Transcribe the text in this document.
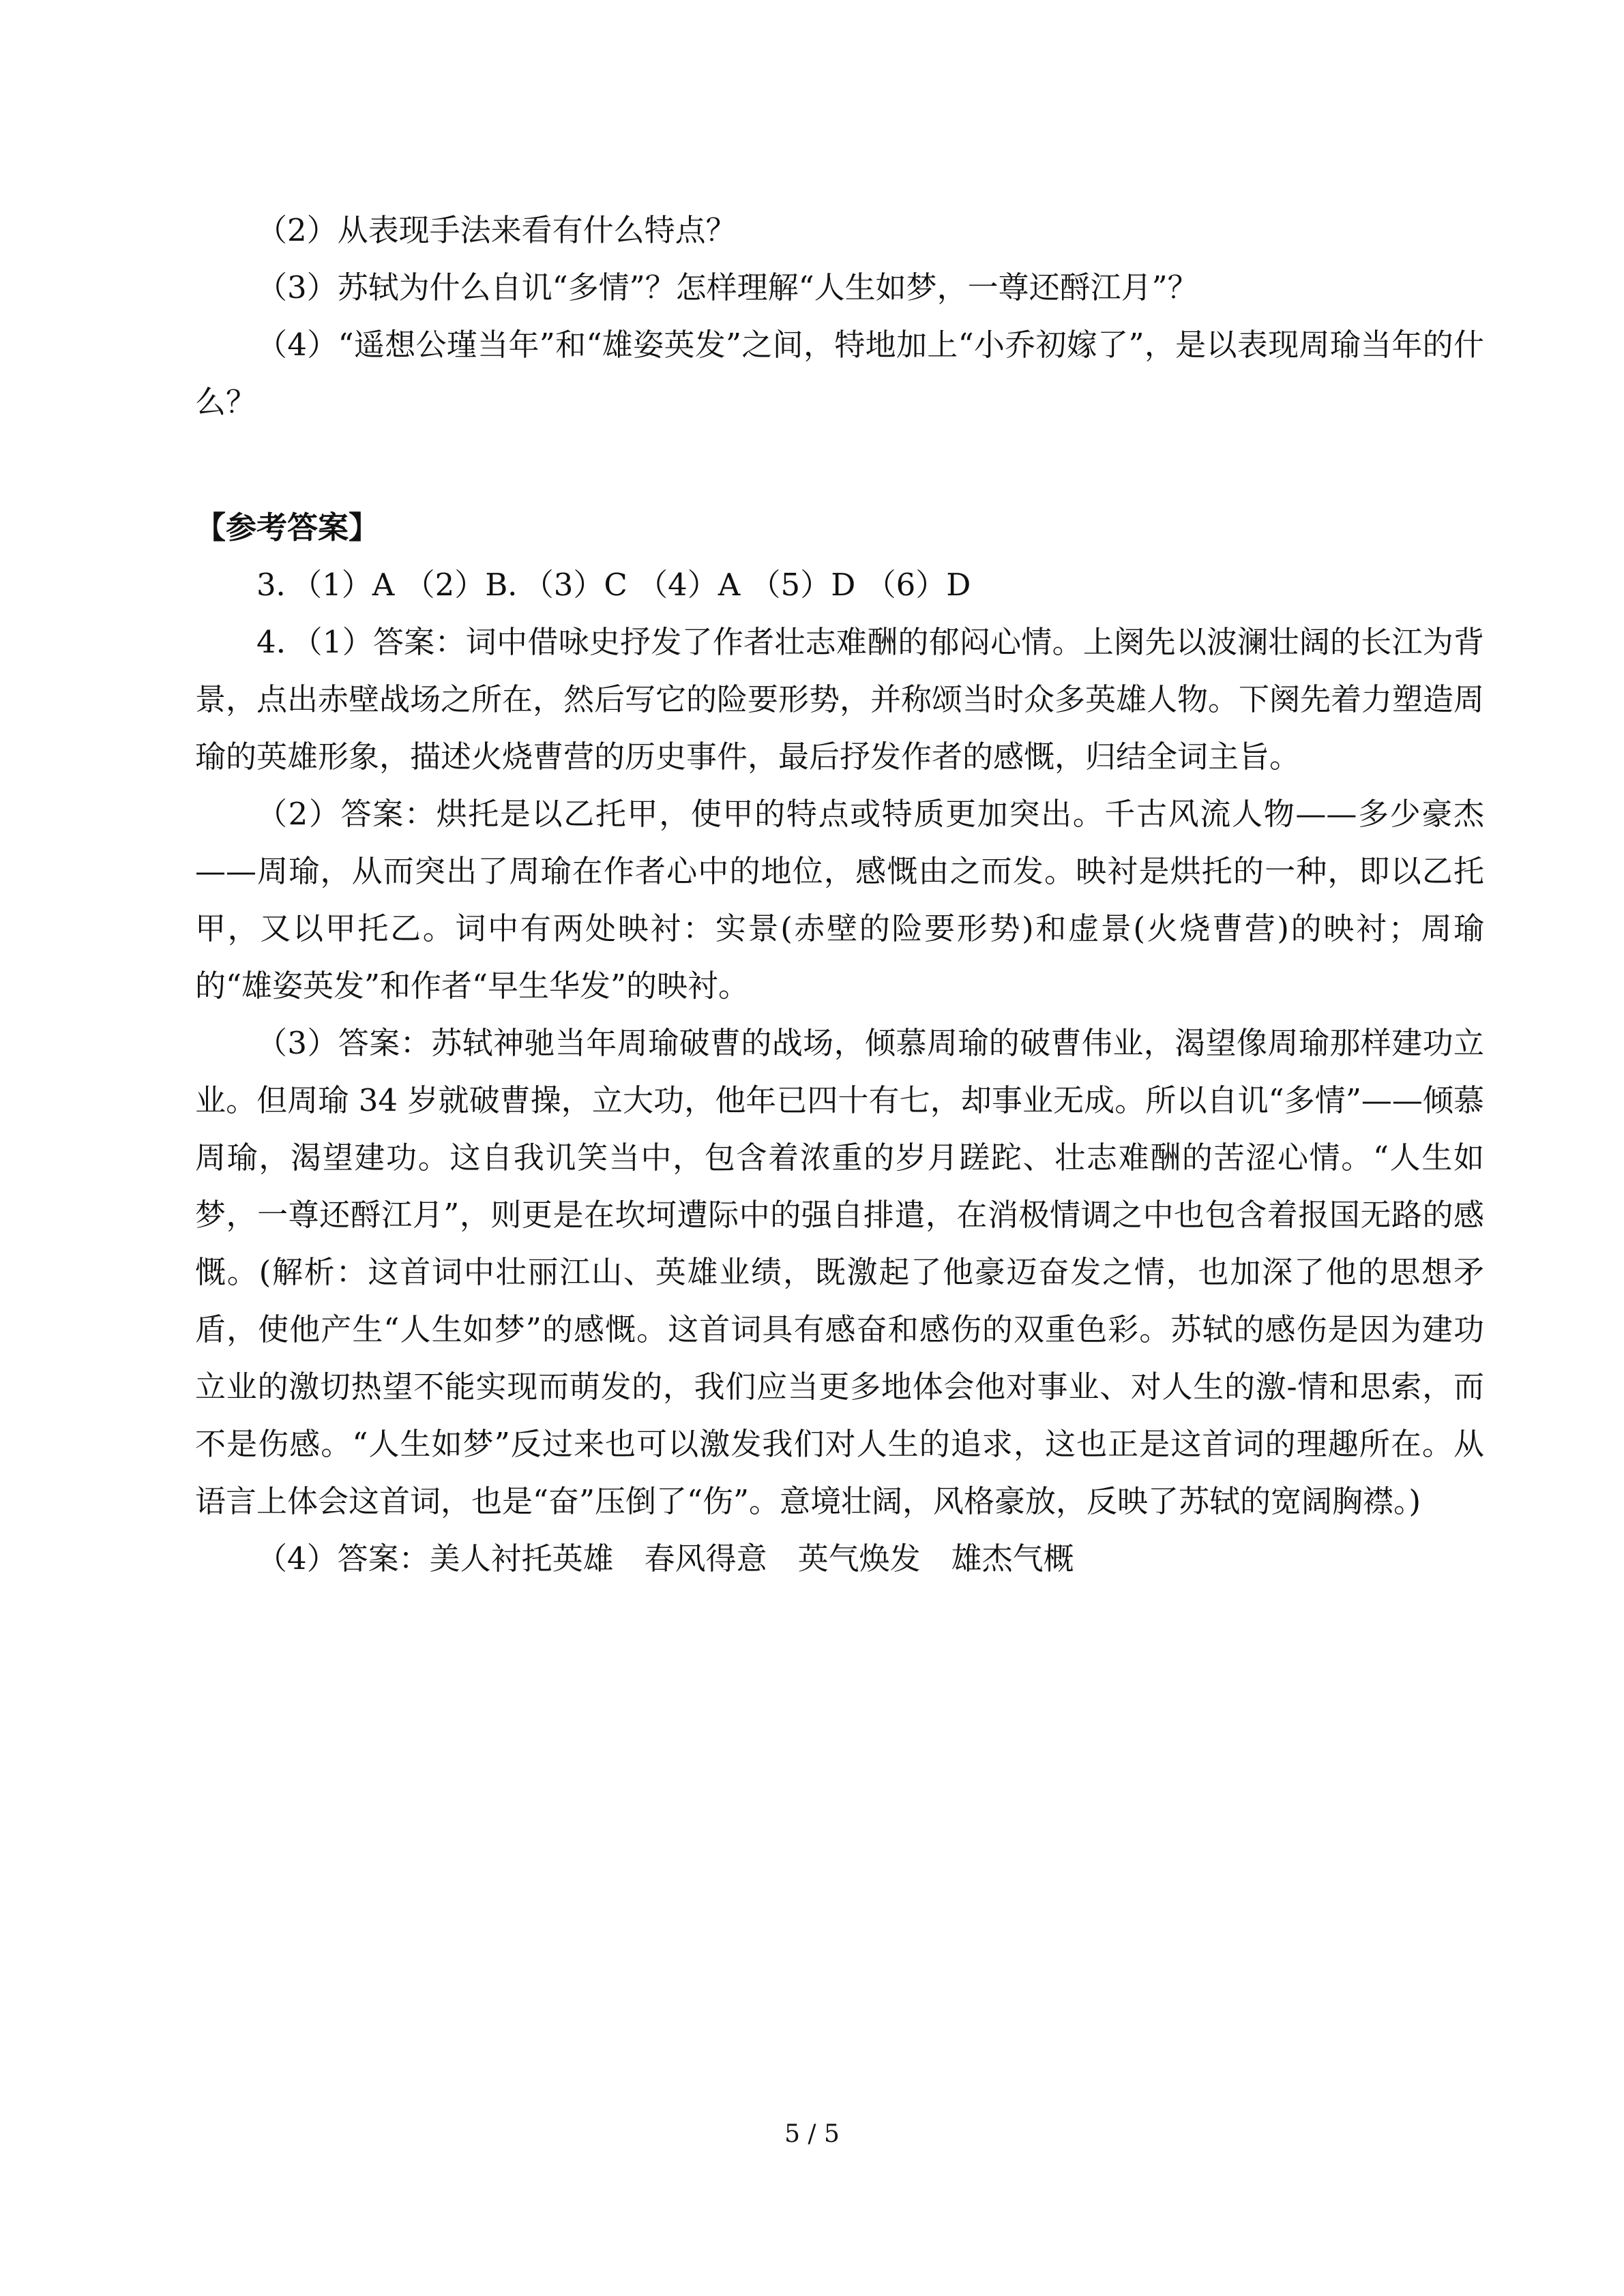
（2）从表现手法来看有什么特点？

（3）苏轼为什么自讥“多情”？怎样理解“人生如梦，一尊还酹江月”？

（4）“遥想公瑾当年”和“雄姿英发”之间，特地加上“小乔初嫁了”，是以表现周瑜当年的什么？

【参考答案】

3．（1）A （2）B．（3）C （4）A （5）D （6）D

4．（1）答案：词中借咏史抒发了作者壮志难酬的郁闷心情。上阕先以波澜壮阔的长江为背景，点出赤壁战场之所在，然后写它的险要形势，并称颂当时众多英雄人物。下阕先着力塑造周瑜的英雄形象，描述火烧曹营的历史事件，最后抒发作者的感慨，归结全词主旨。

（2）答案：烘托是以乙托甲，使甲的特点或特质更加突出。千古风流人物——多少豪杰——周瑜，从而突出了周瑜在作者心中的地位，感慨由之而发。映衬是烘托的一种，即以乙托甲，又以甲托乙。词中有两处映衬：实景(赤壁的险要形势)和虚景(火烧曹营)的映衬；周瑜的“雄姿英发”和作者“早生华发”的映衬。

（3）答案：苏轼神驰当年周瑜破曹的战场，倾慕周瑜的破曹伟业，渴望像周瑜那样建功立业。但周瑜 34 岁就破曹操，立大功，他年已四十有七，却事业无成。所以自讥“多情”——倾慕周瑜，渴望建功。这自我讥笑当中，包含着浓重的岁月蹉跎、壮志难酬的苦涩心情。“人生如梦，一尊还酹江月”，则更是在坎坷遭际中的强自排遣，在消极情调之中也包含着报国无路的感慨。(解析：这首词中壮丽江山、英雄业绩，既激起了他豪迈奋发之情，也加深了他的思想矛盾，使他产生“人生如梦”的感慨。这首词具有感奋和感伤的双重色彩。苏轼的感伤是因为建功立业的激切热望不能实现而萌发的，我们应当更多地体会他对事业、对人生的激-情和思索，而不是伤感。“人生如梦”反过来也可以激发我们对人生的追求，这也正是这首词的理趣所在。从语言上体会这首词，也是“奋”压倒了“伤”。意境壮阔，风格豪放，反映了苏轼的宽阔胸襟。)

（4）答案：美人衬托英雄　春风得意　英气焕发　雄杰气概

5 / 5
